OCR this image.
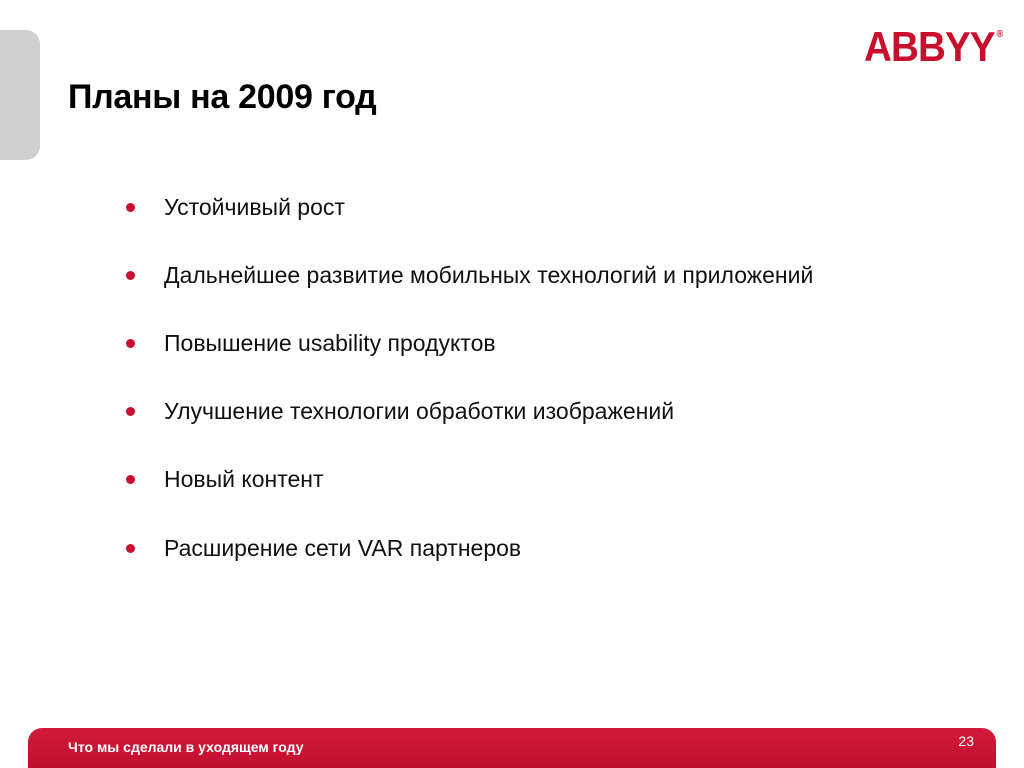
Планы на 2009 год
ABBYY ®
Устойчивый рост
Дальнейшее развитие мобильных технологий и приложений
Повышение usability продуктов
Улучшение технологии обработки изображений
Новый контент
Расширение сети VAR партнеров
Что мы сделали в уходящем году	23
